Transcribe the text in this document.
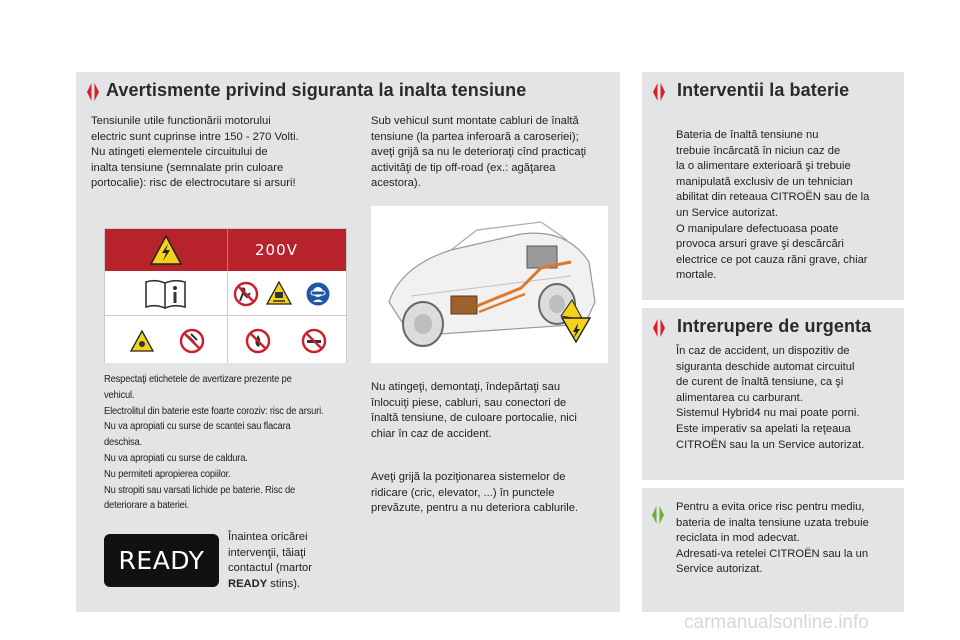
Avertismente privind siguranta la inalta tensiune
Tensiunile utile functionării motorului
electric sunt cuprinse intre 150 - 270 Volti.
Nu atingeti elementele circuitului de
inalta tensiune (semnalate prin culoare
portocalie): risc de electrocutare si arsuri!
Sub vehicul sunt montate cabluri de înaltă
tensiune (la partea inferoară a caroseriei);
aveţi grijă sa nu le deterioraţi cînd practicaţi
activităţi de tip off-road (ex.: agăţarea
acestora).
200V
Respectaţi etichetele de avertizare prezente pe
vehicul.
Electrolitul din baterie este foarte coroziv: risc de arsuri.
Nu va apropiati cu surse de scantei sau flacara
deschisa.
Nu va apropiati cu surse de caldura.
Nu permiteti apropierea copiilor.
Nu stropiti sau varsati lichide pe baterie. Risc de
deteriorare a bateriei.
Nu atingeţi, demontaţi, îndepărtaţi sau
înlocuiţi piese, cabluri, sau conectori de
înaltă tensiune, de culoare portocalie, nici
chiar în caz de accident.
Aveţi grijă la poziţionarea sistemelor de
ridicare (cric, elevator, ...) în punctele
prevăzute, pentru a nu deteriora cablurile.
READY
Înaintea oricărei
intervenţii, tăiaţi
contactul (martor
READY stins).
Interventii la baterie
Bateria de înaltă tensiune nu
trebuie încărcată în niciun caz de
la o alimentare exterioară şi trebuie
manipulată exclusiv de un tehnician
abilitat din reteaua CITROËN sau de la
un Service autorizat.
O manipulare defectuoasa poate
provoca arsuri grave şi descărcări
electrice ce pot cauza răni grave, chiar
mortale.
Intrerupere de urgenta
În caz de accident, un dispozitiv de
siguranta deschide automat circuitul
de curent de înaltă tensiune, ca şi
alimentarea cu carburant.
Sistemul Hybrid4 nu mai poate porni.
Este imperativ sa apelati la reţeaua
CITROËN sau la un Service autorizat.
Pentru a evita orice risc pentru mediu,
bateria de inalta tensiune uzata trebuie
reciclata in mod adecvat.
Adresati-va retelei CITROËN sau la un
Service autorizat.
carmanualsonline.info
